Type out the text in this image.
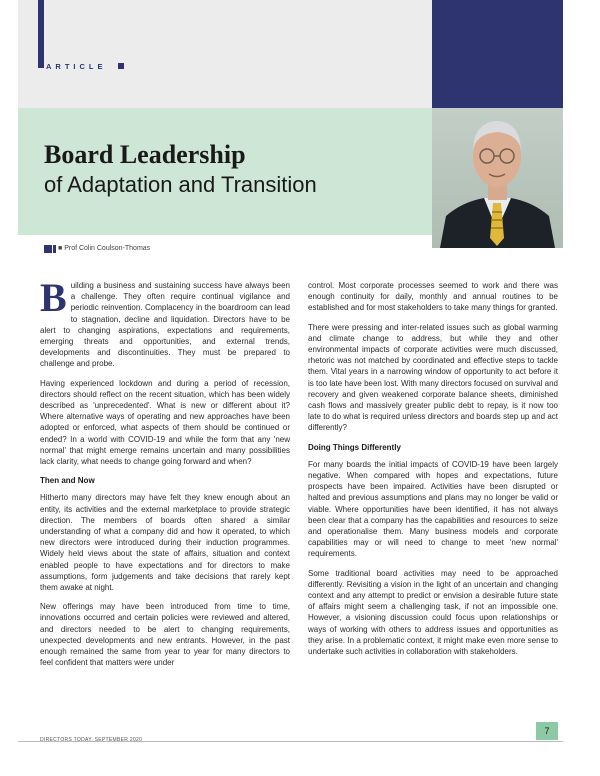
ARTICLE
Board Leadership
of Adaptation and Transition
■ Prof Colin Coulson-Thomas

Building a business and sustaining success have always been a challenge. They often require continual vigilance and periodic reinvention. Complacency in the boardroom can lead to stagnation, decline and liquidation. Directors have to be alert to changing aspirations, expectations and requirements, emerging threats and opportunities, and external trends, developments and discontinuities. They must be prepared to challenge and probe.

Having experienced lockdown and during a period of recession, directors should reflect on the recent situation, which has been widely described as 'unprecedented'. What is new or different about it? Where alternative ways of operating and new approaches have been adopted or enforced, what aspects of them should be continued or ended? In a world with COVID-19 and while the form that any 'new normal' that might emerge remains uncertain and many possibilities lack clarity, what needs to change going forward and when?

Then and Now

Hitherto many directors may have felt they knew enough about an entity, its activities and the external marketplace to provide strategic direction. The members of boards often shared a similar understanding of what a company did and how it operated, to which new directors were introduced during their induction programmes. Widely held views about the state of affairs, situation and context enabled people to have expectations and for directors to make assumptions, form judgements and take decisions that rarely kept them awake at night.

New offerings may have been introduced from time to time, innovations occurred and certain policies were reviewed and altered, and directors needed to be alert to changing requirements, unexpected developments and new entrants. However, in the past enough remained the same from year to year for many directors to feel confident that matters were under

control. Most corporate processes seemed to work and there was enough continuity for daily, monthly and annual routines to be established and for most stakeholders to take many things for granted.

There were pressing and inter-related issues such as global warming and climate change to address, but while they and other environmental impacts of corporate activities were much discussed, rhetoric was not matched by coordinated and effective steps to tackle them. Vital years in a narrowing window of opportunity to act before it is too late have been lost. With many directors focused on survival and recovery and given weakened corporate balance sheets, diminished cash flows and massively greater public debt to repay, is it now too late to do what is required unless directors and boards step up and act differently?

Doing Things Differently

For many boards the initial impacts of COVID-19 have been largely negative. When compared with hopes and expectations, future prospects have been impaired. Activities have been disrupted or halted and previous assumptions and plans may no longer be valid or viable. Where opportunities have been identified, it has not always been clear that a company has the capabilities and resources to seize and operationalise them. Many business models and corporate capabilities may or will need to change to meet 'new normal' requirements.

Some traditional board activities may need to be approached differently. Revisiting a vision in the light of an uncertain and changing context and any attempt to predict or envision a desirable future state of affairs might seem a challenging task, if not an impossible one. However, a visioning discussion could focus upon relationships or ways of working with others to address issues and opportunities as they arise. In a problematic context, it might make even more sense to undertake such activities in collaboration with stakeholders.

DIRECTORS TODAY, SEPTEMBER 2020
7
